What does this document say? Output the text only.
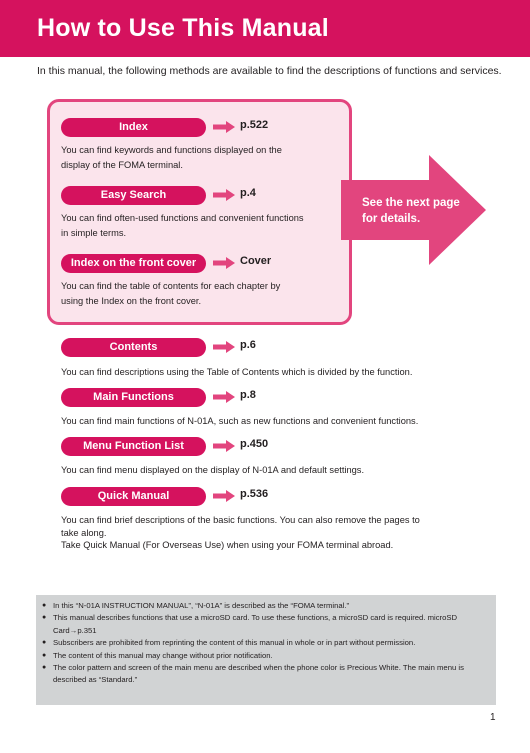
How to Use This Manual

In this manual, the following methods are available to find the descriptions of functions and services.

See the next page for details.
Index	p.522
You can find keywords and functions displayed on the
display of the FOMA terminal.
Easy Search	p.4
You can find often-used functions and convenient functions
in simple terms.
Index on the front cover	Cover
You can find the table of contents for each chapter by
using the Index on the front cover.
Contents	p.6
You can find descriptions using the Table of Contents which is divided by the function.
Main Functions	p.8
You can find main functions of N-01A, such as new functions and convenient functions.
Menu Function List	p.450
You can find menu displayed on the display of N-01A and default settings.
Quick Manual	p.536
You can find brief descriptions of the basic functions. You can also remove the pages to
take along.
Take Quick Manual (For Overseas Use) when using your FOMA terminal abroad.
● In this “N-01A INSTRUCTION MANUAL”, “N-01A” is described as the “FOMA terminal.”
● This manual describes functions that use a microSD card. To use these functions, a microSD card is required. microSD Card→p.351
● Subscribers are prohibited from reprinting the content of this manual in whole or in part without permission.
● The content of this manual may change without prior notification.
● The color pattern and screen of the main menu are described when the phone color is Precious White. The main menu is described as “Standard.”
1
